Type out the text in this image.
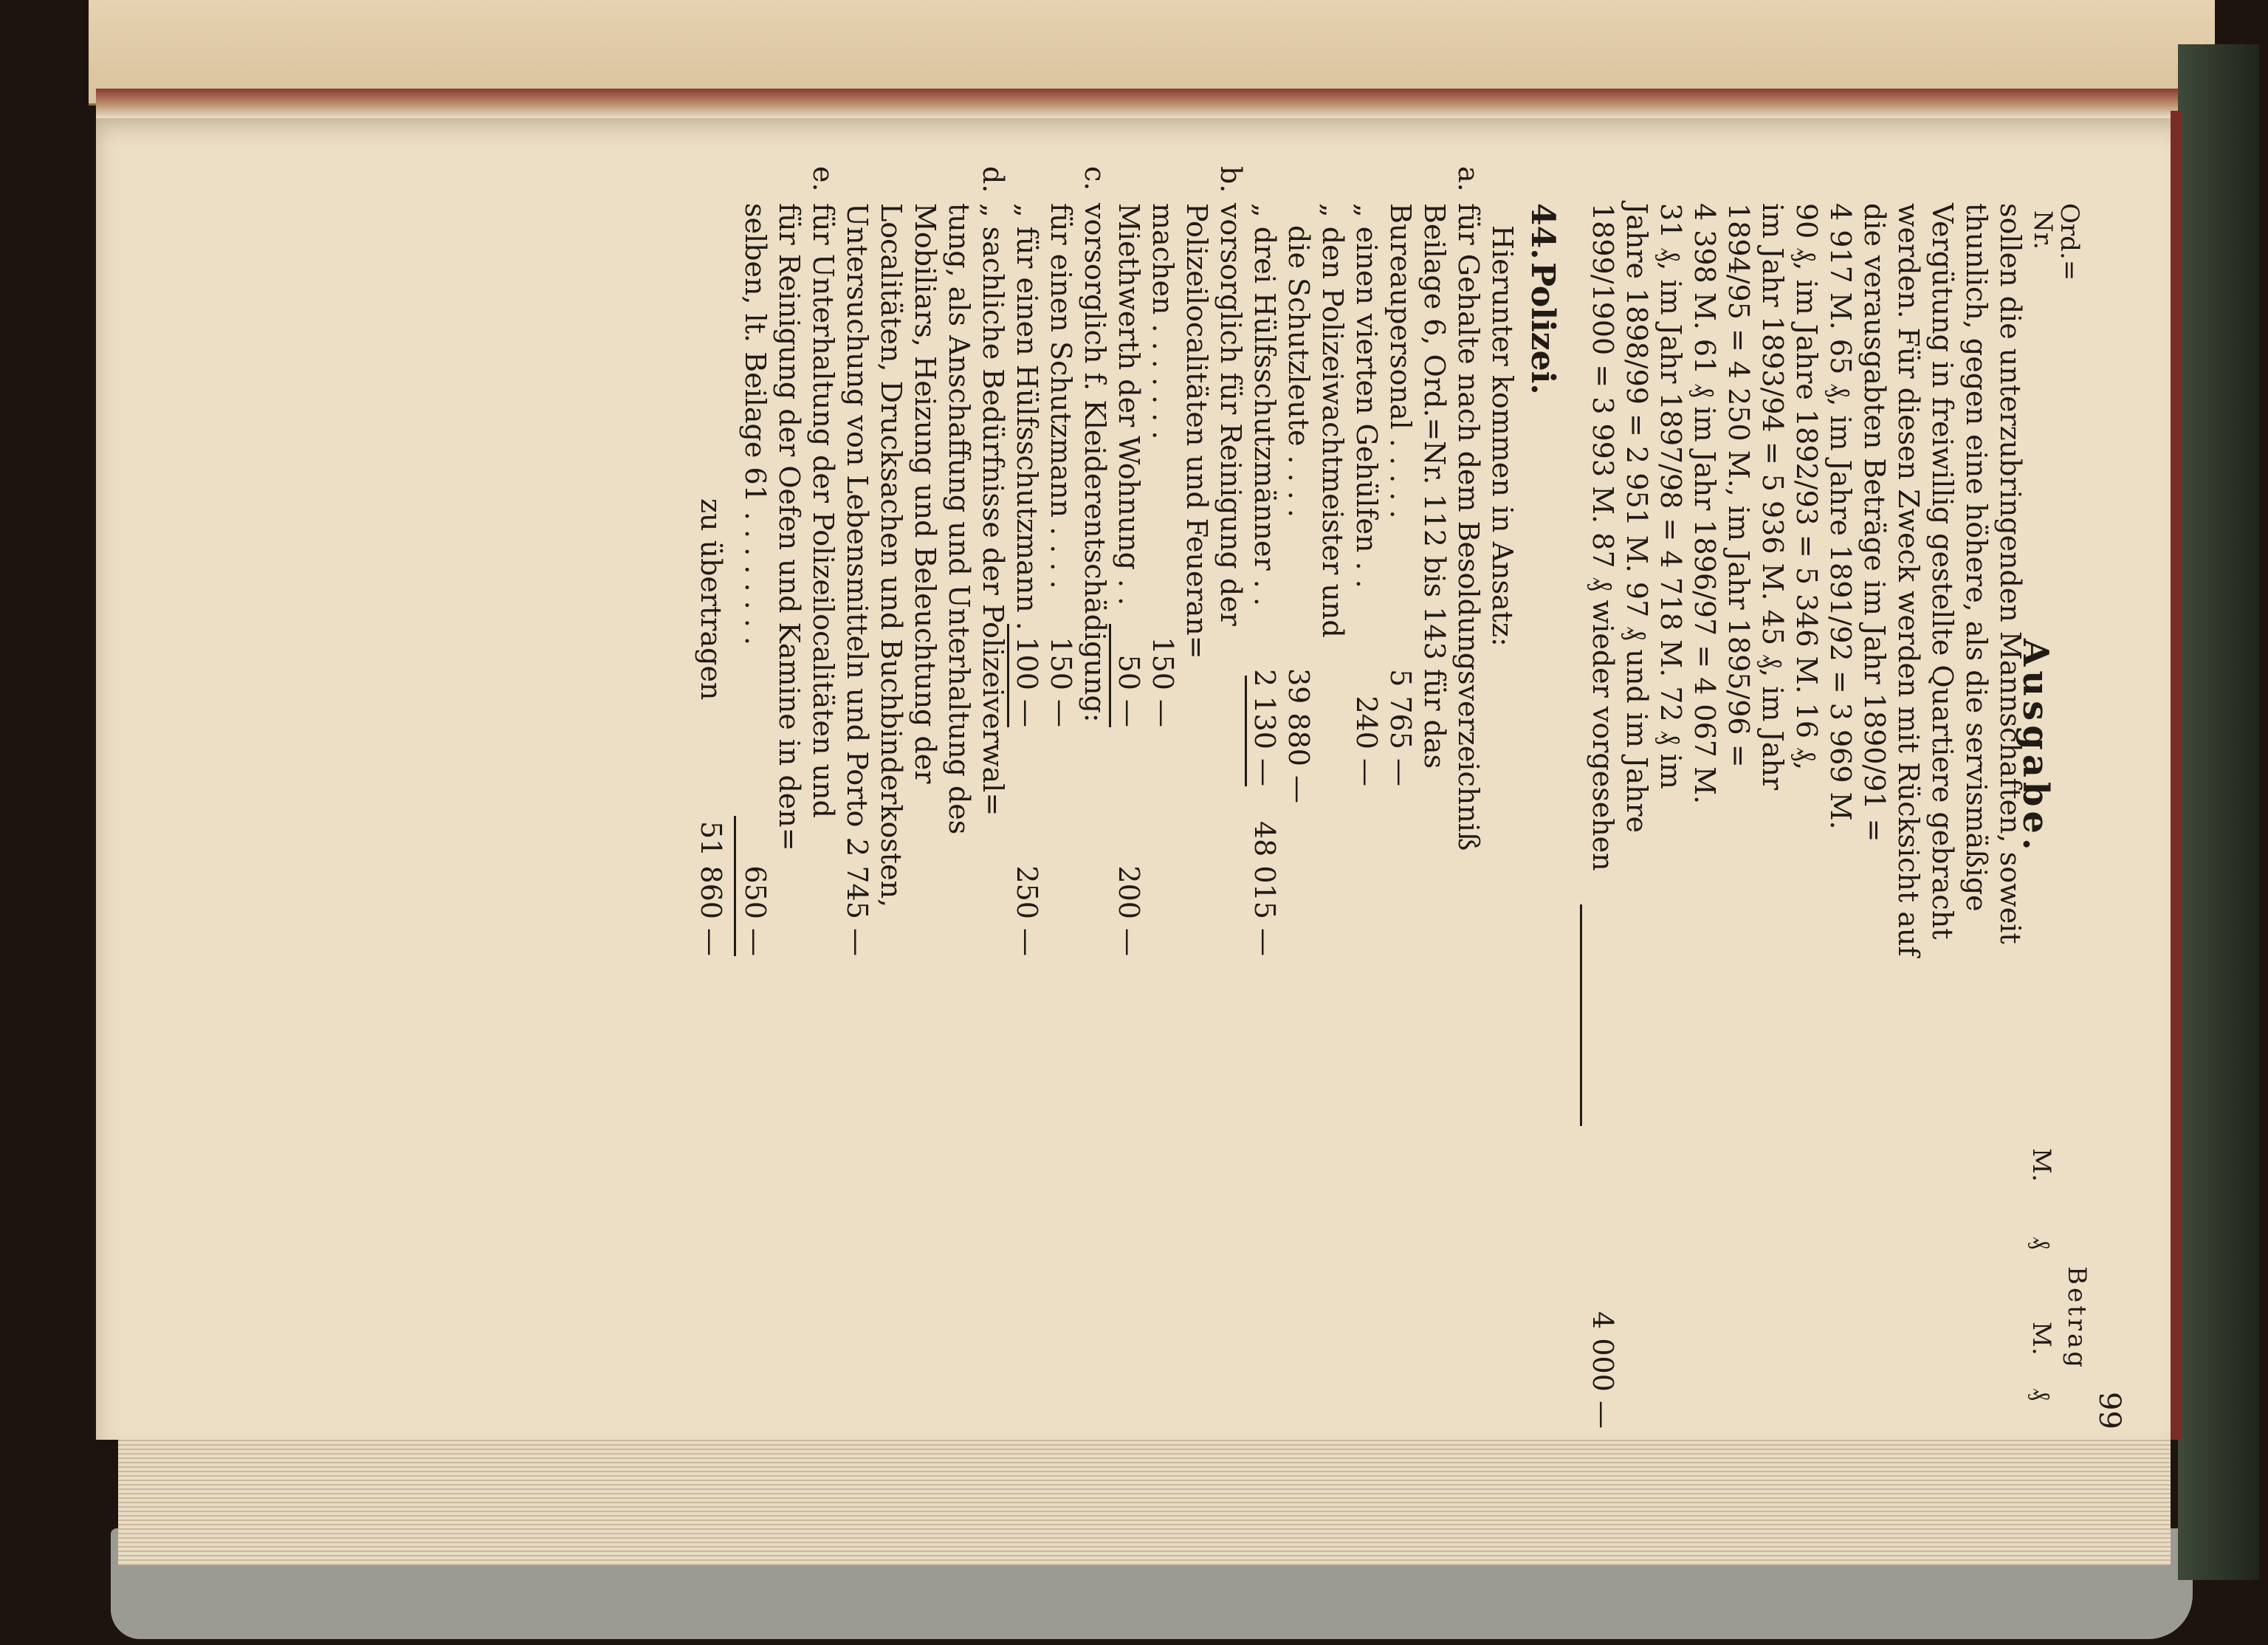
Ord.=
Nr.
Ausgabe.
M.
₰
Betrag
M.
₰ 99
sollen die unterzubringenden Mannschaften, soweit
thunlich, gegen eine höhere, als die servismäßige
Vergütung in freiwillig gestellte Quartiere gebracht
werden. Für diesen Zweck werden mit Rücksicht auf
die verausgabten Beträge im Jahr 1890/91 =
4 917 M. 65 ₰, im Jahre 1891/92 = 3 969 M.
90 ₰, im Jahre 1892/93 = 5 346 M. 16 ₰,
im Jahr 1893/94 = 5 936 M. 45 ₰, im Jahr
1894/95 = 4 250 M., im Jahr 1895/96 =
4 398 M. 61 ₰ im Jahr 1896/97 = 4 067 M.
31 ₰, im Jahr 1897/98 = 4 718 M. 72 ₰ im
Jahre 1898/99 = 2 951 M. 97 ₰ und im Jahre
1899/1900 = 3 993 M. 87 ₰ wieder vorgesehen
4 000 —
44.
Polizei.
Hierunter kommen in Ansatz:
a.
für Gehalte nach dem Besoldungsverzeichniß
Beilage 6, Ord.=Nr. 112 bis 143 für das
Bureaupersonal . . . . .
5 765 —
„ einen vierten Gehülfen . .
240 —
„ den Polizeiwachtmeister und
die Schutzleute . . . .
39 880 —
„ drei Hülfsschutzmänner . .
2 130 —
48 015 —
b.
vorsorglich für Reinigung der
Polizeilocalitäten und Feueran=
machen . . . . . . .
150 —
Miethwerth der Wohnung . .
50 —
200 —
c.
vorsorglich f. Kleiderentschädigung:
für einen Schutzmann . . . .
150 —
„ für einen Hülfsschutzmann .
100 —
250 —
d.
„ sachliche Bedürfnisse der Polizeiverwal=
tung, als Anschaffung und Unterhaltung des
Mobiliars, Heizung und Beleuchtung der
Localitäten, Drucksachen und Buchbinderkosten,
Untersuchung von Lebensmitteln und Porto .
2 745 —
e.
für Unterhaltung der Polizeilocalitäten und
für Reinigung der Oefen und Kamine in den=
selben, lt. Beilage 61 . . . . . . . .
650 —
zu übertragen
51 860 —
